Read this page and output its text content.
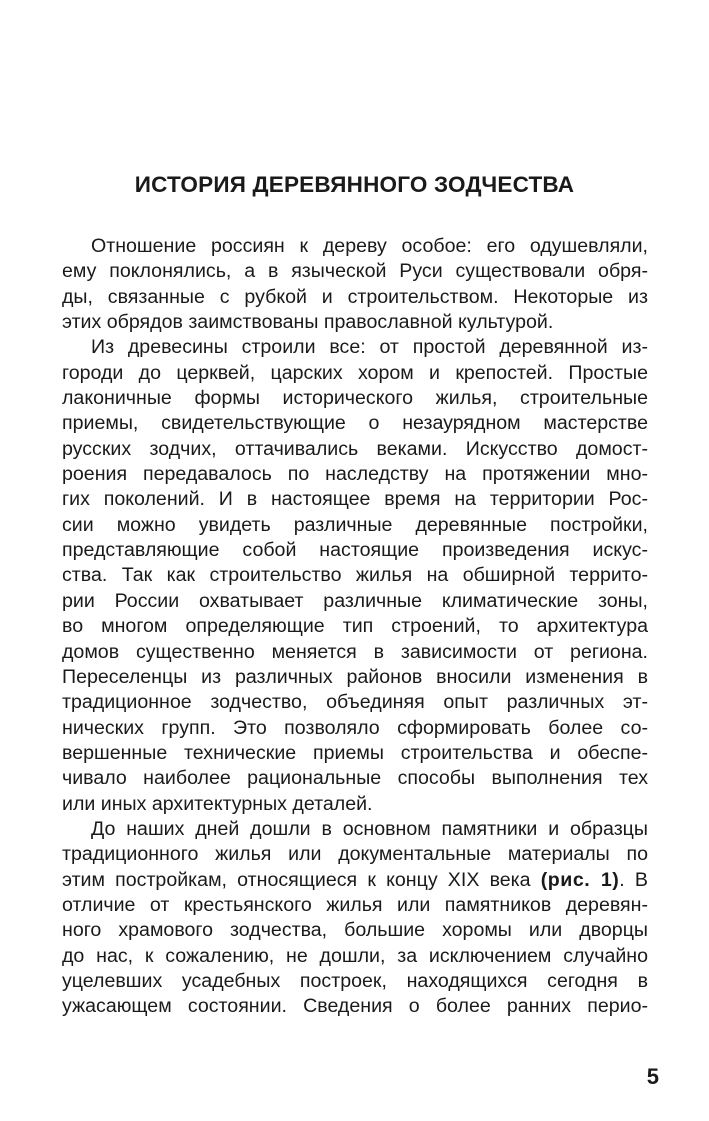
ИСТОРИЯ ДЕРЕВЯННОГО ЗОДЧЕСТВА
Отношение россиян к дереву особое: его одушевляли,
ему поклонялись, а в языческой Руси существовали обря-
ды, связанные с рубкой и строительством. Некоторые из
этих обрядов заимствованы православной культурой.
Из древесины строили все: от простой деревянной из-
городи до церквей, царских хором и крепостей. Простые
лаконичные формы исторического жилья, строительные
приемы, свидетельствующие о незаурядном мастерстве
русских зодчих, оттачивались веками. Искусство домост-
роения передавалось по наследству на протяжении мно-
гих поколений. И в настоящее время на территории Рос-
сии можно увидеть различные деревянные постройки,
представляющие собой настоящие произведения искус-
ства. Так как строительство жилья на обширной террито-
рии России охватывает различные климатические зоны,
во многом определяющие тип строений, то архитектура
домов существенно меняется в зависимости от региона.
Переселенцы из различных районов вносили изменения в
традиционное зодчество, объединяя опыт различных эт-
нических групп. Это позволяло сформировать более со-
вершенные технические приемы строительства и обеспе-
чивало наиболее рациональные способы выполнения тех
или иных архитектурных деталей.
До наших дней дошли в основном памятники и образцы
традиционного жилья или документальные материалы по
этим постройкам, относящиеся к концу XIX века (рис. 1). В
отличие от крестьянского жилья или памятников деревян-
ного храмового зодчества, большие хоромы или дворцы
до нас, к сожалению, не дошли, за исключением случайно
уцелевших усадебных построек, находящихся сегодня в
ужасающем состоянии. Сведения о более ранних перио-
5
